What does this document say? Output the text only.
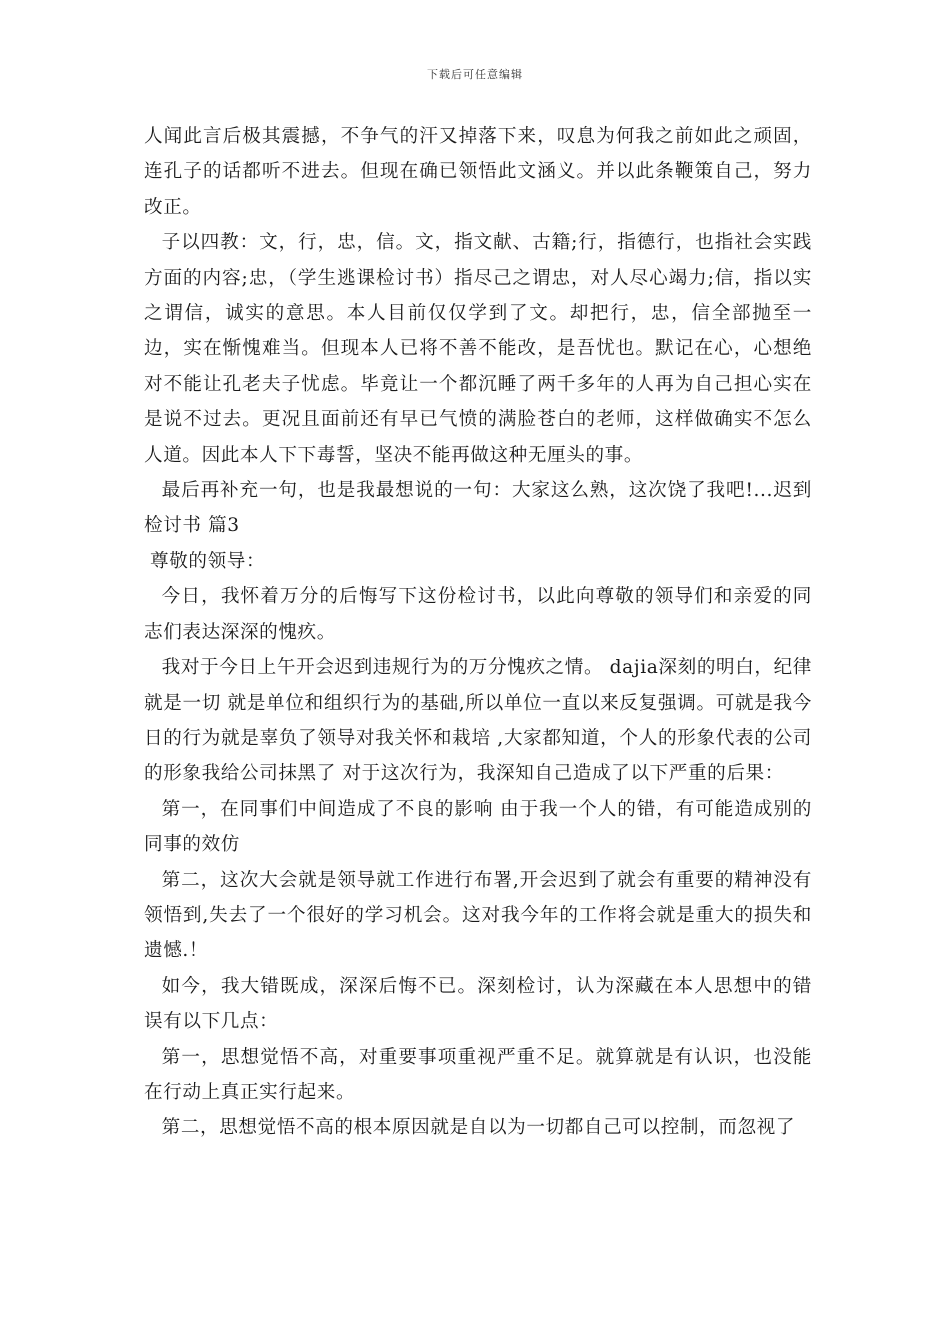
下载后可任意编辑

人闻此言后极其震撼，不争气的汗又掉落下来，叹息为何我之前如此之顽固，连孔子的话都听不进去。但现在确已领悟此文涵义。并以此条鞭策自己，努力改正。

子以四教：文，行，忠，信。文，指文献、古籍;行，指德行，也指社会实践方面的内容;忠，（学生逃课检讨书）指尽己之谓忠，对人尽心竭力;信，指以实之谓信，诚实的意思。本人目前仅仅学到了文。却把行，忠，信全部抛至一边，实在惭愧难当。但现本人已将不善不能改，是吾忧也。默记在心，心想绝对不能让孔老夫子忧虑。毕竟让一个都沉睡了两千多年的人再为自己担心实在是说不过去。更况且面前还有早已气愤的满脸苍白的老师，这样做确实不怎么人道。因此本人下下毒誓，坚决不能再做这种无厘头的事。

最后再补充一句，也是我最想说的一句：大家这么熟，这次饶了我吧!...迟到检讨书 篇3

尊敬的领导：

今日，我怀着万分的后悔写下这份检讨书，以此向尊敬的领导们和亲爱的同志们表达深深的愧疚。

我对于今日上午开会迟到违规行为的万分愧疚之情。 dajia深刻的明白，纪律就是一切 就是单位和组织行为的基础,所以单位一直以来反复强调。可就是我今日的行为就是辜负了领导对我关怀和栽培 ,大家都知道，个人的形象代表的公司的形象我给公司抹黑了 对于这次行为，我深知自己造成了以下严重的后果：

第一，在同事们中间造成了不良的影响 由于我一个人的错，有可能造成别的同事的效仿

第二，这次大会就是领导就工作进行布署,开会迟到了就会有重要的精神没有领悟到,失去了一个很好的学习机会。这对我今年的工作将会就是重大的损失和遗憾.！

如今，我大错既成，深深后悔不已。深刻检讨，认为深藏在本人思想中的错误有以下几点：

第一，思想觉悟不高，对重要事项重视严重不足。就算就是有认识，也没能在行动上真正实行起来。

第二，思想觉悟不高的根本原因就是自以为一切都自己可以控制，而忽视了
